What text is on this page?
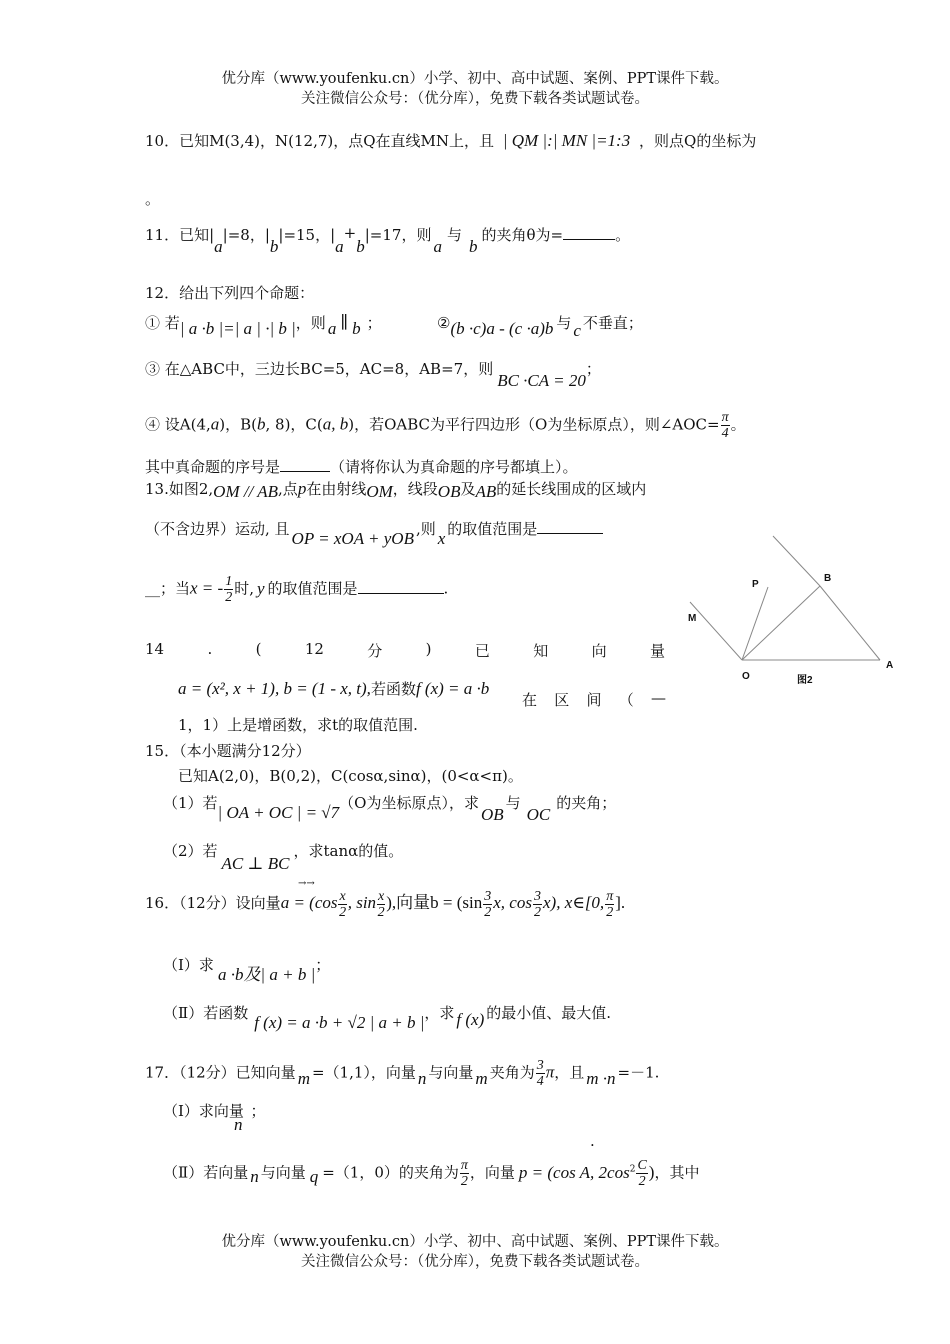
优分库（www.youfenku.cn）小学、初中、高中试题、案例、PPT课件下载。
关注微信公众号：（优分库），免费下载各类试题试卷。
10．已知M(3,4)，N(12,7)，点Q在直线MN上，且 | QM |:| MN |=1:3 ，则点Q的坐标为
。
11．已知|a|=8，|b|=15，|a+b|=17，则a与b的夹角θ为=	。
12．给出下列四个命题：
① 若| a ·b |=| a | ·| b |，则 a ∥ b ；	②(b ·c)a - (c ·a)b 与 c 不垂直；
③ 在△ABC中，三边长BC=5，AC=8，AB=7，则BC ·CA = 20；
④ 设A(4,a)，B(b, 8)，C(a, b)，若OABC为平行四边形（O为坐标原点），则∠AOC= $\frac{\pi}{4}$ 。
其中真命题的序号是	（请将你认为真命题的序号都填上）。
13.如图2,OM // AB,点p在由射线OM，线段OB及AB的延长线围成的区域内
（不含边界）运动, 且 OP = xOA + yOB ,则 x 的取值范围是
__；当x = - $\frac{1}{2}$ 时, y 的取值范围是	.	P
B
M
O
A
图2
14	.	(	12	分	)	已	知	向	量
a = (x², x + 1), b = (1 - x, t),若函数f (x) = a ·b
在 区 间 （ —
1，1）上是增函数，求t的取值范围.
15．（本小题满分12分）
已知A(2,0)，B(0,2)，C(cosα,sinα)，(0<α<π)。
（1）若| OA + OC | = √7（O为坐标原点），求OB与OC的夹角；
（2）若AC ⊥ BC，求tanα的值。
→→
16．（12分）设向量$a = (\cos \frac{x}{2}$ , $\sin \frac{x}{2}$ ),向量$b = (\sin \frac{3}{2} x$, $\cos \frac{3}{2} x$), x∈[0, $\frac{\pi}{2}$ ].
（Ⅰ）求 a ·b及| a + b |；
（Ⅱ）若函数 f (x) = a ·b + √2 | a + b |，求 f (x) 的最小值、最大值.
17．（12分）已知向量 m =（1,1），向量 n 与向量 m 夹角为 $\frac{3}{4}$ π，且 m ·n =－1.
（Ⅰ）求向量n；
.
（Ⅱ）若向量 n 与向量 q =（1，0）的夹角为 $\frac{\pi}{2}$ ，向量 p = (cos A, $2\cos^2 \frac{C}{2}$ )，其中
优分库（www.youfenku.cn）小学、初中、高中试题、案例、PPT课件下载。
关注微信公众号：（优分库），免费下载各类试题试卷。
